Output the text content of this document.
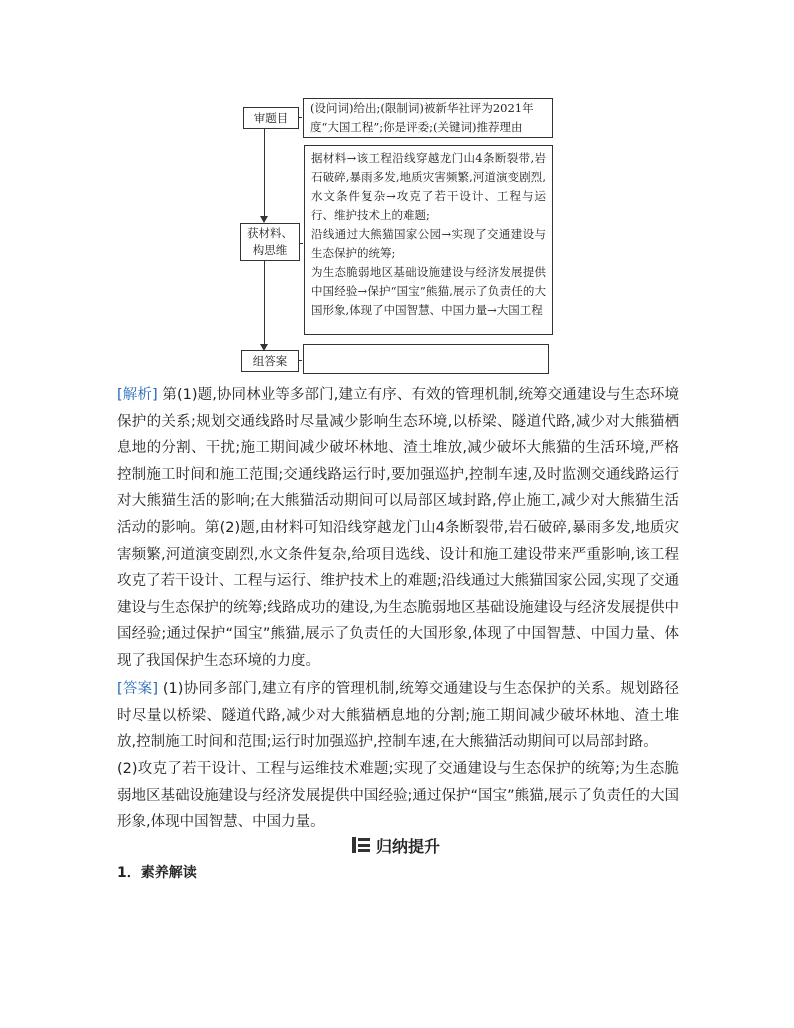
审题目
(设问词)给出;(限制词)被新华社评为2021年度“大国工程”;你是评委;(关键词)推荐理由
获材料、构思维
据材料→该工程沿线穿越龙门山4条断裂带,岩石破碎,暴雨多发,地质灾害频繁,河道演变剧烈,水文条件复杂→攻克了若干设计、工程与运行、维护技术上的难题;
沿线通过大熊猫国家公园→实现了交通建设与生态保护的统筹;
为生态脆弱地区基础设施建设与经济发展提供中国经验→保护“国宝”熊猫,展示了负责任的大国形象,体现了中国智慧、中国力量→大国工程
组答案
[解析] 第(1)题,协同林业等多部门,建立有序、有效的管理机制,统筹交通建设与生态环境保护的关系;规划交通线路时尽量减少影响生态环境,以桥梁、隧道代路,减少对大熊猫栖息地的分割、干扰;施工期间减少破坏林地、渣土堆放,减少破坏大熊猫的生活环境,严格控制施工时间和施工范围;交通线路运行时,要加强巡护,控制车速,及时监测交通线路运行对大熊猫生活的影响;在大熊猫活动期间可以局部区域封路,停止施工,减少对大熊猫生活活动的影响。第(2)题,由材料可知沿线穿越龙门山4条断裂带,岩石破碎,暴雨多发,地质灾害频繁,河道演变剧烈,水文条件复杂,给项目选线、设计和施工建设带来严重影响,该工程攻克了若干设计、工程与运行、维护技术上的难题;沿线通过大熊猫国家公园,实现了交通建设与生态保护的统筹;线路成功的建设,为生态脆弱地区基础设施建设与经济发展提供中国经验;通过保护“国宝”熊猫,展示了负责任的大国形象,体现了中国智慧、中国力量、体现了我国保护生态环境的力度。
[答案] (1)协同多部门,建立有序的管理机制,统筹交通建设与生态保护的关系。规划路径时尽量以桥梁、隧道代路,减少对大熊猫栖息地的分割;施工期间减少破坏林地、渣土堆放,控制施工时间和范围;运行时加强巡护,控制车速,在大熊猫活动期间可以局部封路。
(2)攻克了若干设计、工程与运维技术难题;实现了交通建设与生态保护的统筹;为生态脆弱地区基础设施建设与经济发展提供中国经验;通过保护“国宝”熊猫,展示了负责任的大国形象,体现中国智慧、中国力量。
归纳提升
1．素养解读
